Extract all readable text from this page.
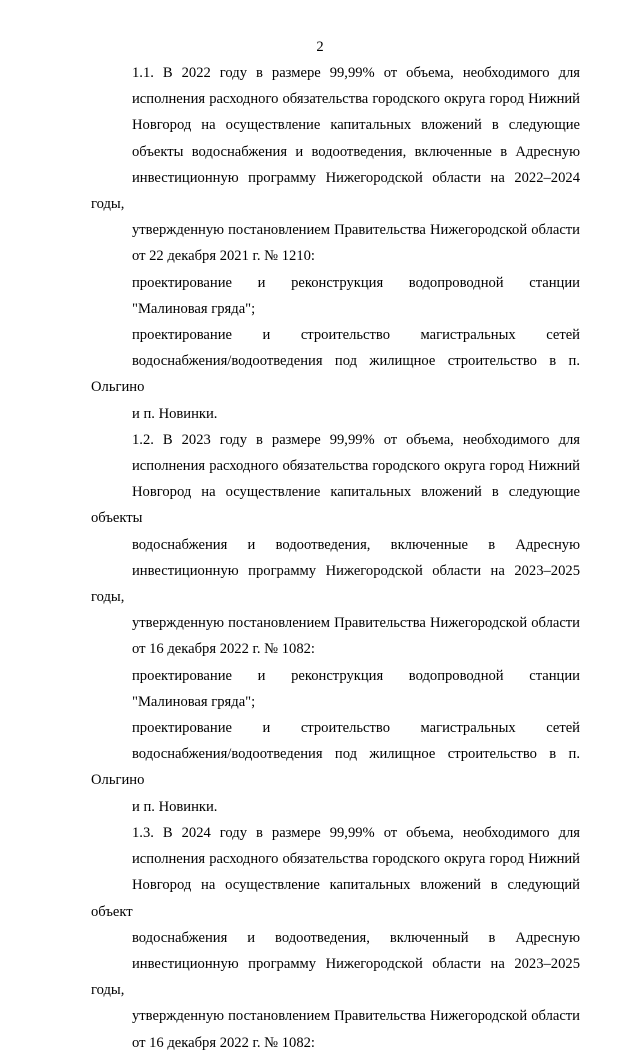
2
1.1. В 2022 году в размере 99,99% от объема, необходимого для
исполнения расходного обязательства городского округа город Нижний
Новгород на осуществление капитальных вложений в следующие
объекты водоснабжения и водоотведения, включенные в Адресную
инвестиционную программу Нижегородской области на 2022–2024 годы,
утвержденную постановлением Правительства Нижегородской области
от 22 декабря 2021 г. № 1210:
проектирование и реконструкция водопроводной станции
"Малиновая гряда";
проектирование и строительство магистральных сетей
водоснабжения/водоотведения под жилищное строительство в п. Ольгино
и п. Новинки.
1.2. В 2023 году в размере 99,99% от объема, необходимого для
исполнения расходного обязательства городского округа город Нижний
Новгород на осуществление капитальных вложений в следующие объекты
водоснабжения и водоотведения, включенные в Адресную
инвестиционную программу Нижегородской области на 2023–2025 годы,
утвержденную постановлением Правительства Нижегородской области
от 16 декабря 2022 г. № 1082:
проектирование и реконструкция водопроводной станции
"Малиновая гряда";
проектирование и строительство магистральных сетей
водоснабжения/водоотведения под жилищное строительство в п. Ольгино
и п. Новинки.
1.3. В 2024 году в размере 99,99% от объема, необходимого для
исполнения расходного обязательства городского округа город Нижний
Новгород на осуществление капитальных вложений в следующий объект
водоснабжения и водоотведения, включенный в Адресную
инвестиционную программу Нижегородской области на 2023–2025 годы,
утвержденную постановлением Правительства Нижегородской области
от 16 декабря 2022 г. № 1082:
